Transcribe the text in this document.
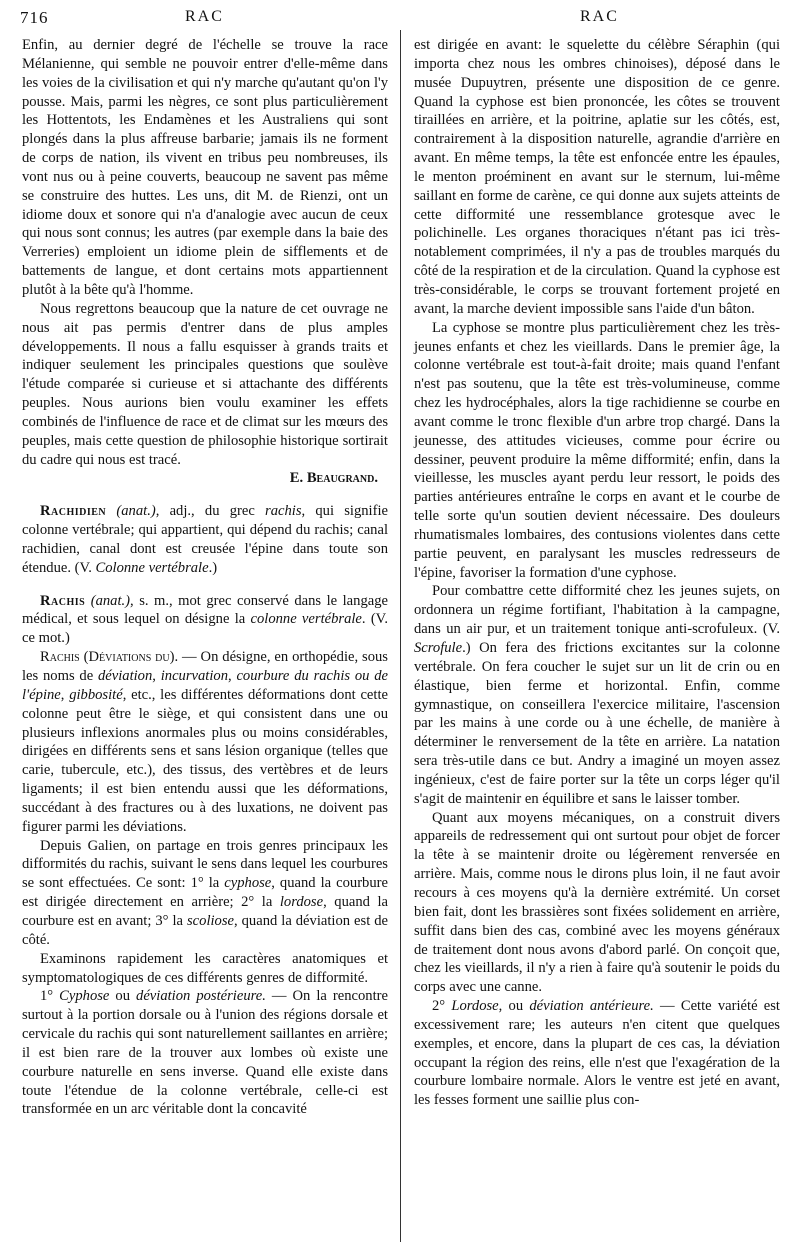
716	RAC	RAC

Enfin, au dernier degré de l'échelle se trouve la race Mélanienne, qui semble ne pouvoir entrer d'elle-même dans les voies de la civilisation et qui n'y marche qu'autant qu'on l'y pousse. Mais, parmi les nègres, ce sont plus particulièrement les Hottentots, les Endamènes et les Australiens qui sont plongés dans la plus affreuse barbarie; jamais ils ne forment de corps de nation, ils vivent en tribus peu nombreuses, ils vont nus ou à peine couverts, beaucoup ne savent pas même se construire des huttes. Les uns, dit M. de Rienzi, ont un idiome doux et sonore qui n'a d'analogie avec aucun de ceux qui nous sont connus; les autres (par exemple dans la baie des Verreries) emploient un idiome plein de sifflements et de battements de langue, et dont certains mots appartiennent plutôt à la bête qu'à l'homme.

Nous regrettons beaucoup que la nature de cet ouvrage ne nous ait pas permis d'entrer dans de plus amples développements. Il nous a fallu esquisser à grands traits et indiquer seulement les principales questions que soulève l'étude comparée si curieuse et si attachante des différents peuples. Nous aurions bien voulu examiner les effets combinés de l'influence de race et de climat sur les mœurs des peuples, mais cette question de philosophie historique sortirait du cadre qui nous est tracé.

E. Beaugrand.

Rachidien (anat.), adj., du grec rachis, qui signifie colonne vertébrale; qui appartient, qui dépend du rachis; canal rachidien, canal dont est creusée l'épine dans toute son étendue. (V. Colonne vertébrale.)

Rachis (anat.), s. m., mot grec conservé dans le langage médical, et sous lequel on désigne la colonne vertébrale. (V. ce mot.)

Rachis (Déviations du). — On désigne, en orthopédie, sous les noms de déviation, incurvation, courbure du rachis ou de l'épine, gibbosité, etc., les différentes déformations dont cette colonne peut être le siège, et qui consistent dans une ou plusieurs inflexions anormales plus ou moins considérables, dirigées en différents sens et sans lésion organique (telles que carie, tubercule, etc.), des tissus, des vertèbres et de leurs ligaments; il est bien entendu aussi que les déformations, succédant à des fractures ou à des luxations, ne doivent pas figurer parmi les déviations.

Depuis Galien, on partage en trois genres principaux les difformités du rachis, suivant le sens dans lequel les courbures se sont effectuées. Ce sont: 1° la cyphose, quand la courbure est dirigée directement en arrière; 2° la lordose, quand la courbure est en avant; 3° la scoliose, quand la déviation est de côté.

Examinons rapidement les caractères anatomiques et symptomatologiques de ces différents genres de difformité.

1° Cyphose ou déviation postérieure. — On la rencontre surtout à la portion dorsale ou à l'union des régions dorsale et cervicale du rachis qui sont naturellement saillantes en arrière; il est bien rare de la trouver aux lombes où existe une courbure naturelle en sens inverse. Quand elle existe dans toute l'étendue de la colonne vertébrale, celle-ci est transformée en un arc véritable dont la concavité

est dirigée en avant: le squelette du célèbre Séraphin (qui importa chez nous les ombres chinoises), déposé dans le musée Dupuytren, présente une disposition de ce genre. Quand la cyphose est bien prononcée, les côtes se trouvent tiraillées en arrière, et la poitrine, aplatie sur les côtés, est, contrairement à la disposition naturelle, agrandie d'arrière en avant. En même temps, la tête est enfoncée entre les épaules, le menton proéminent en avant sur le sternum, lui-même saillant en forme de carène, ce qui donne aux sujets atteints de cette difformité une ressemblance grotesque avec le polichinelle. Les organes thoraciques n'étant pas ici très-notablement comprimées, il n'y a pas de troubles marqués du côté de la respiration et de la circulation. Quand la cyphose est très-considérable, le corps se trouvant fortement projeté en avant, la marche devient impossible sans l'aide d'un bâton.

La cyphose se montre plus particulièrement chez les très-jeunes enfants et chez les vieillards. Dans le premier âge, la colonne vertébrale est tout-à-fait droite; mais quand l'enfant n'est pas soutenu, que la tête est très-volumineuse, comme chez les hydrocéphales, alors la tige rachidienne se courbe en avant comme le tronc flexible d'un arbre trop chargé. Dans la jeunesse, des attitudes vicieuses, comme pour écrire ou dessiner, peuvent produire la même difformité; enfin, dans la vieillesse, les muscles ayant perdu leur ressort, le poids des parties antérieures entraîne le corps en avant et le courbe de telle sorte qu'un soutien devient nécessaire. Des douleurs rhumatismales lombaires, des contusions violentes dans cette partie peuvent, en paralysant les muscles redresseurs de l'épine, favoriser la formation d'une cyphose.

Pour combattre cette difformité chez les jeunes sujets, on ordonnera un régime fortifiant, l'habitation à la campagne, dans un air pur, et un traitement tonique anti-scrofuleux. (V. Scrofule.) On fera des frictions excitantes sur la colonne vertébrale. On fera coucher le sujet sur un lit de crin ou en élastique, bien ferme et horizontal. Enfin, comme gymnastique, on conseillera l'exercice militaire, l'ascension par les mains à une corde ou à une échelle, de manière à déterminer le renversement de la tête en arrière. La natation sera très-utile dans ce but. Andry a imaginé un moyen assez ingénieux, c'est de faire porter sur la tête un corps léger qu'il s'agit de maintenir en équilibre et sans le laisser tomber.

Quant aux moyens mécaniques, on a construit divers appareils de redressement qui ont surtout pour objet de forcer la tête à se maintenir droite ou légèrement renversée en arrière. Mais, comme nous le dirons plus loin, il ne faut avoir recours à ces moyens qu'à la dernière extrémité. Un corset bien fait, dont les brassières sont fixées solidement en arrière, suffit dans bien des cas, combiné avec les moyens généraux de traitement dont nous avons d'abord parlé. On conçoit que, chez les vieillards, il n'y a rien à faire qu'à soutenir le poids du corps avec une canne.

2° Lordose, ou déviation antérieure. — Cette variété est excessivement rare; les auteurs n'en citent que quelques exemples, et encore, dans la plupart de ces cas, la déviation occupant la région des reins, elle n'est que l'exagération de la courbure lombaire normale. Alors le ventre est jeté en avant, les fesses forment une saillie plus con-
